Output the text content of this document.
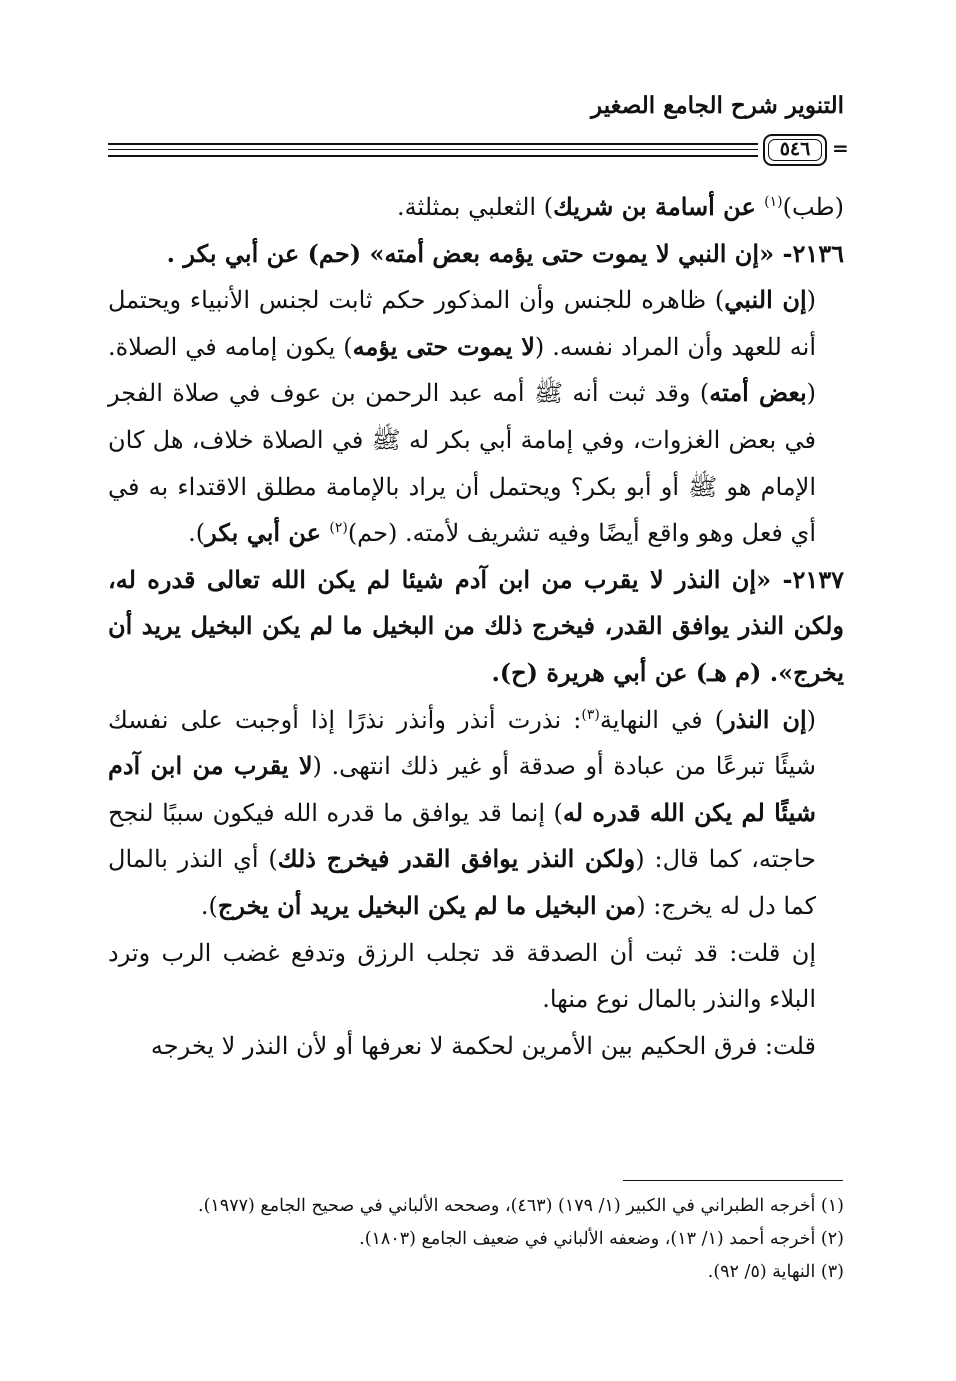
التنوير شرح الجامع الصغير
٥٤٦	=

(طب)$^{(١)}$ عن أسامة بن شريك) الثعلبي بمثلثة.

٢١٣٦- «إن النبي لا يموت حتى يؤمه بعض أمته» (حم) عن أبي بكر .

(إن النبي) ظاهره للجنس وأن المذكور حكم ثابت لجنس الأنبياء ويحتمل أنه للعهد وأن المراد نفسه. (لا يموت حتى يؤمه) يكون إمامه في الصلاة. (بعض أمته) وقد ثبت أنه ﷺ أمه عبد الرحمن بن عوف في صلاة الفجر في بعض الغزوات، وفي إمامة أبي بكر له ﷺ في الصلاة خلاف، هل كان الإمام هو ﷺ أو أبو بكر؟ ويحتمل أن يراد بالإمامة مطلق الاقتداء به في أي فعل وهو واقع أيضًا وفيه تشريف لأمته. (حم)$^{(٢)}$ عن أبي بكر).

٢١٣٧- «إن النذر لا يقرب من ابن آدم شيئا لم يكن الله تعالى قدره له، ولكن النذر يوافق القدر، فيخرج ذلك من البخيل ما لم يكن البخيل يريد أن يخرج». (م هـ) عن أبي هريرة (ح).

(إن النذر) في النهاية$^{(٣)}$: نذرت أنذر وأنذر نذرًا إذا أوجبت على نفسك شيئًا تبرعًا من عبادة أو صدقة أو غير ذلك انتهى. (لا يقرب من ابن آدم شيئًا لم يكن الله قدره له) إنما قد يوافق ما قدره الله فيكون سببًا لنجح حاجته، كما قال: (ولكن النذر يوافق القدر فيخرج ذلك) أي النذر بالمال كما دل له يخرج: (من البخيل ما لم يكن البخيل يريد أن يخرج).

إن قلت: قد ثبت أن الصدقة قد تجلب الرزق وتدفع غضب الرب وترد البلاء والنذر بالمال نوع منها.

قلت: فرق الحكيم بين الأمرين لحكمة لا نعرفها أو لأن النذر لا يخرجه

(١) أخرجه الطبراني في الكبير (١/ ١٧٩) (٤٦٣)، وصححه الألباني في صحيح الجامع (١٩٧٧).
(٢) أخرجه أحمد (١/ ١٣)، وضعفه الألباني في ضعيف الجامع (١٨٠٣).
(٣) النهاية (٥/ ٩٢).
